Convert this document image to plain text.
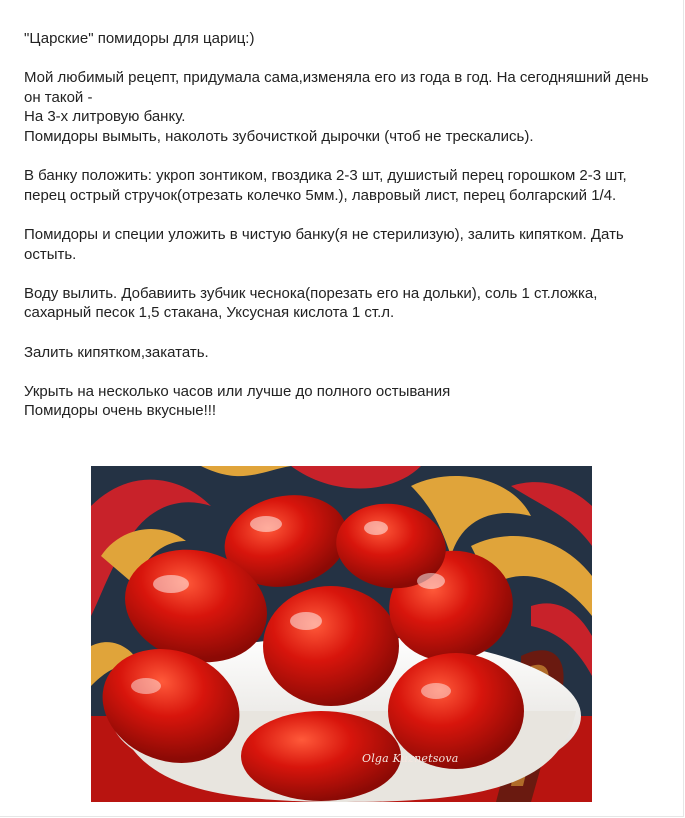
"Царские" помидоры для цариц:)

Мой любимый рецепт, придумала сама,изменяла его из года в год. На сегодняшний день он такой -

На 3-х литровую банку.

Помидоры вымыть, наколоть зубочисткой дырочки (чтоб не трескались).

В банку положить: укроп зонтиком, гвоздика 2-3 шт, душистый перец горошком 2-3 шт, перец острый стручок(отрезать колечко 5мм.), лавровый лист, перец болгарский 1/4.

Помидоры и специи уложить в чистую банку(я не стерилизую), залить кипятком. Дать остыть.

Воду вылить. Добавиить зубчик чеснока(порезать его на дольки), соль 1 ст.ложка, сахарный песок 1,5 стакана, Уксусная кислота 1 ст.л.

Залить кипятком,закатать.

Укрыть на несколько часов или лучше до полного остывания

Помидоры очень вкусные!!!

Olga Kuznetsova
